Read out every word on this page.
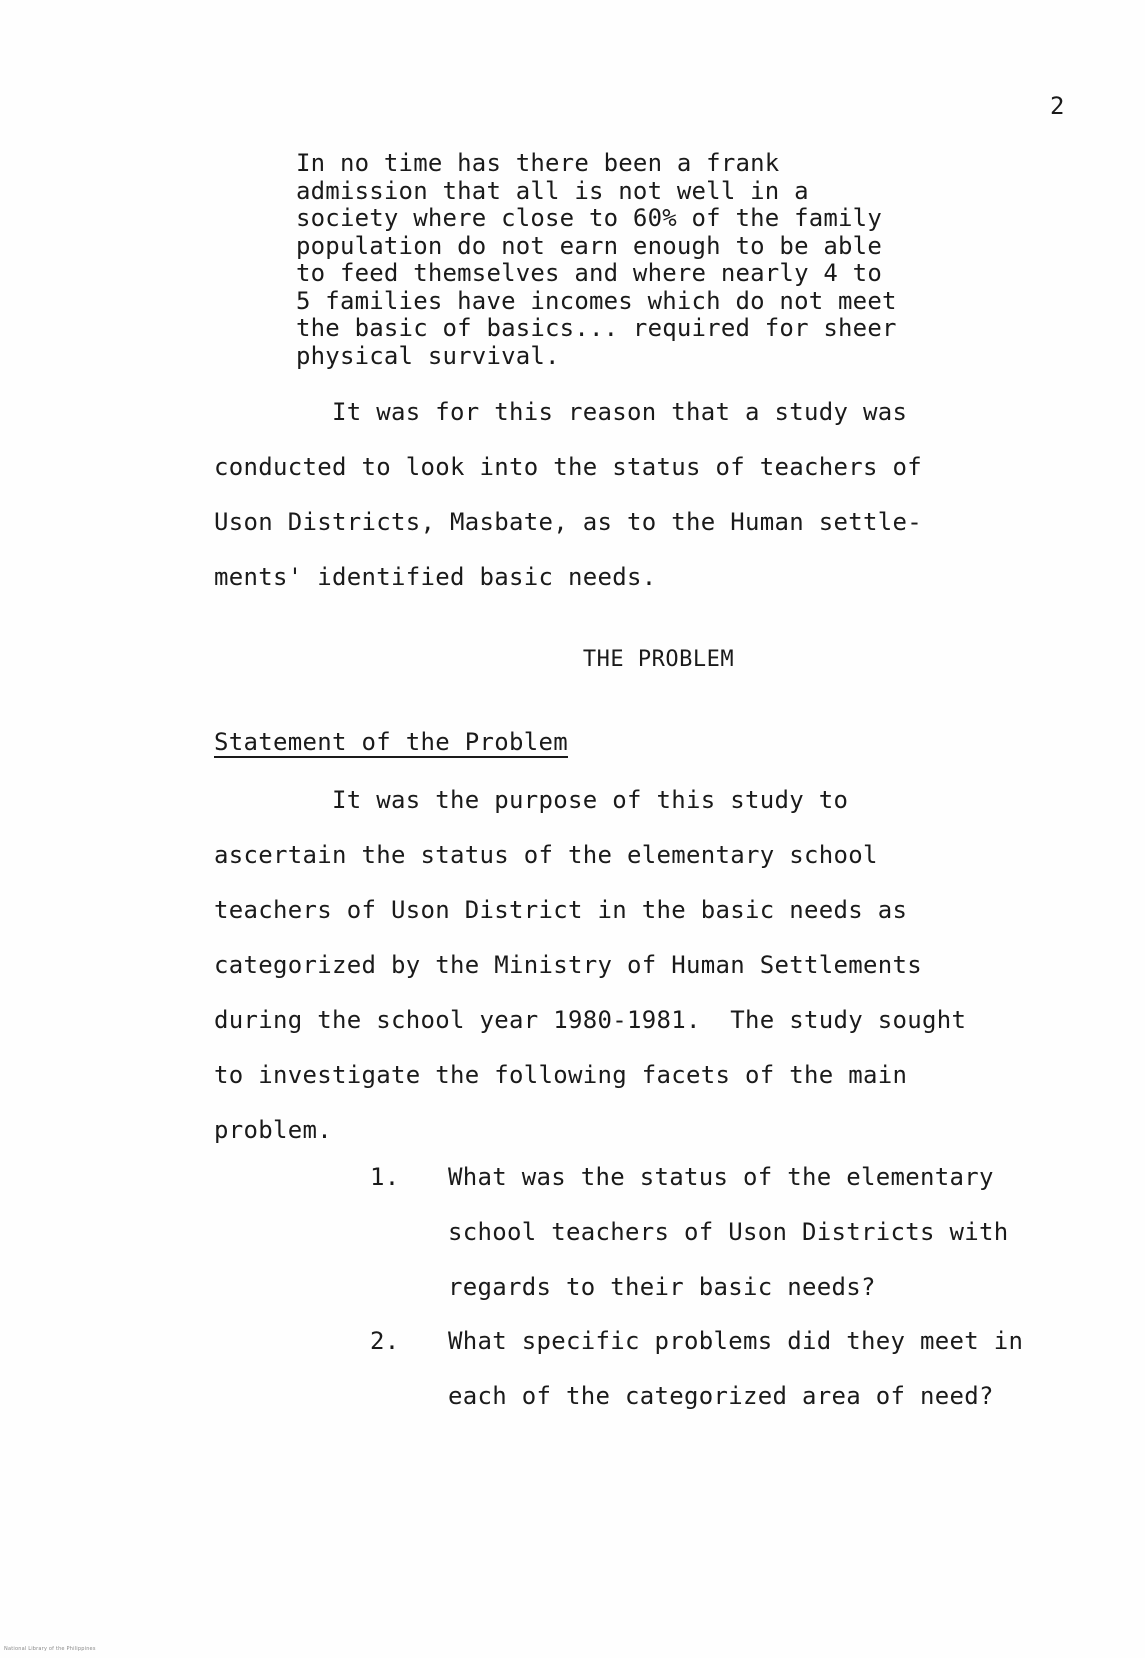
2
In no time has there been a frank
admission that all is not well in a
society where close to 60% of the family
population do not earn enough to be able
to feed themselves and where nearly 4 to
5 families have incomes which do not meet
the basic of basics... required for sheer
physical survival.
It was for this reason that a study was
conducted to look into the status of teachers of
Uson Districts, Masbate, as to the Human settle-
ments' identified basic needs.
THE PROBLEM
Statement of the Problem
It was the purpose of this study to
ascertain the status of the elementary school
teachers of Uson District in the basic needs as
categorized by the Ministry of Human Settlements
during the school year 1980-1981.  The study sought
to investigate the following facets of the main
problem.
1. What was the status of the elementary
school teachers of Uson Districts with
regards to their basic needs?
2. What specific problems did they meet in
each of the categorized area of need?
National Library of the Philippines
